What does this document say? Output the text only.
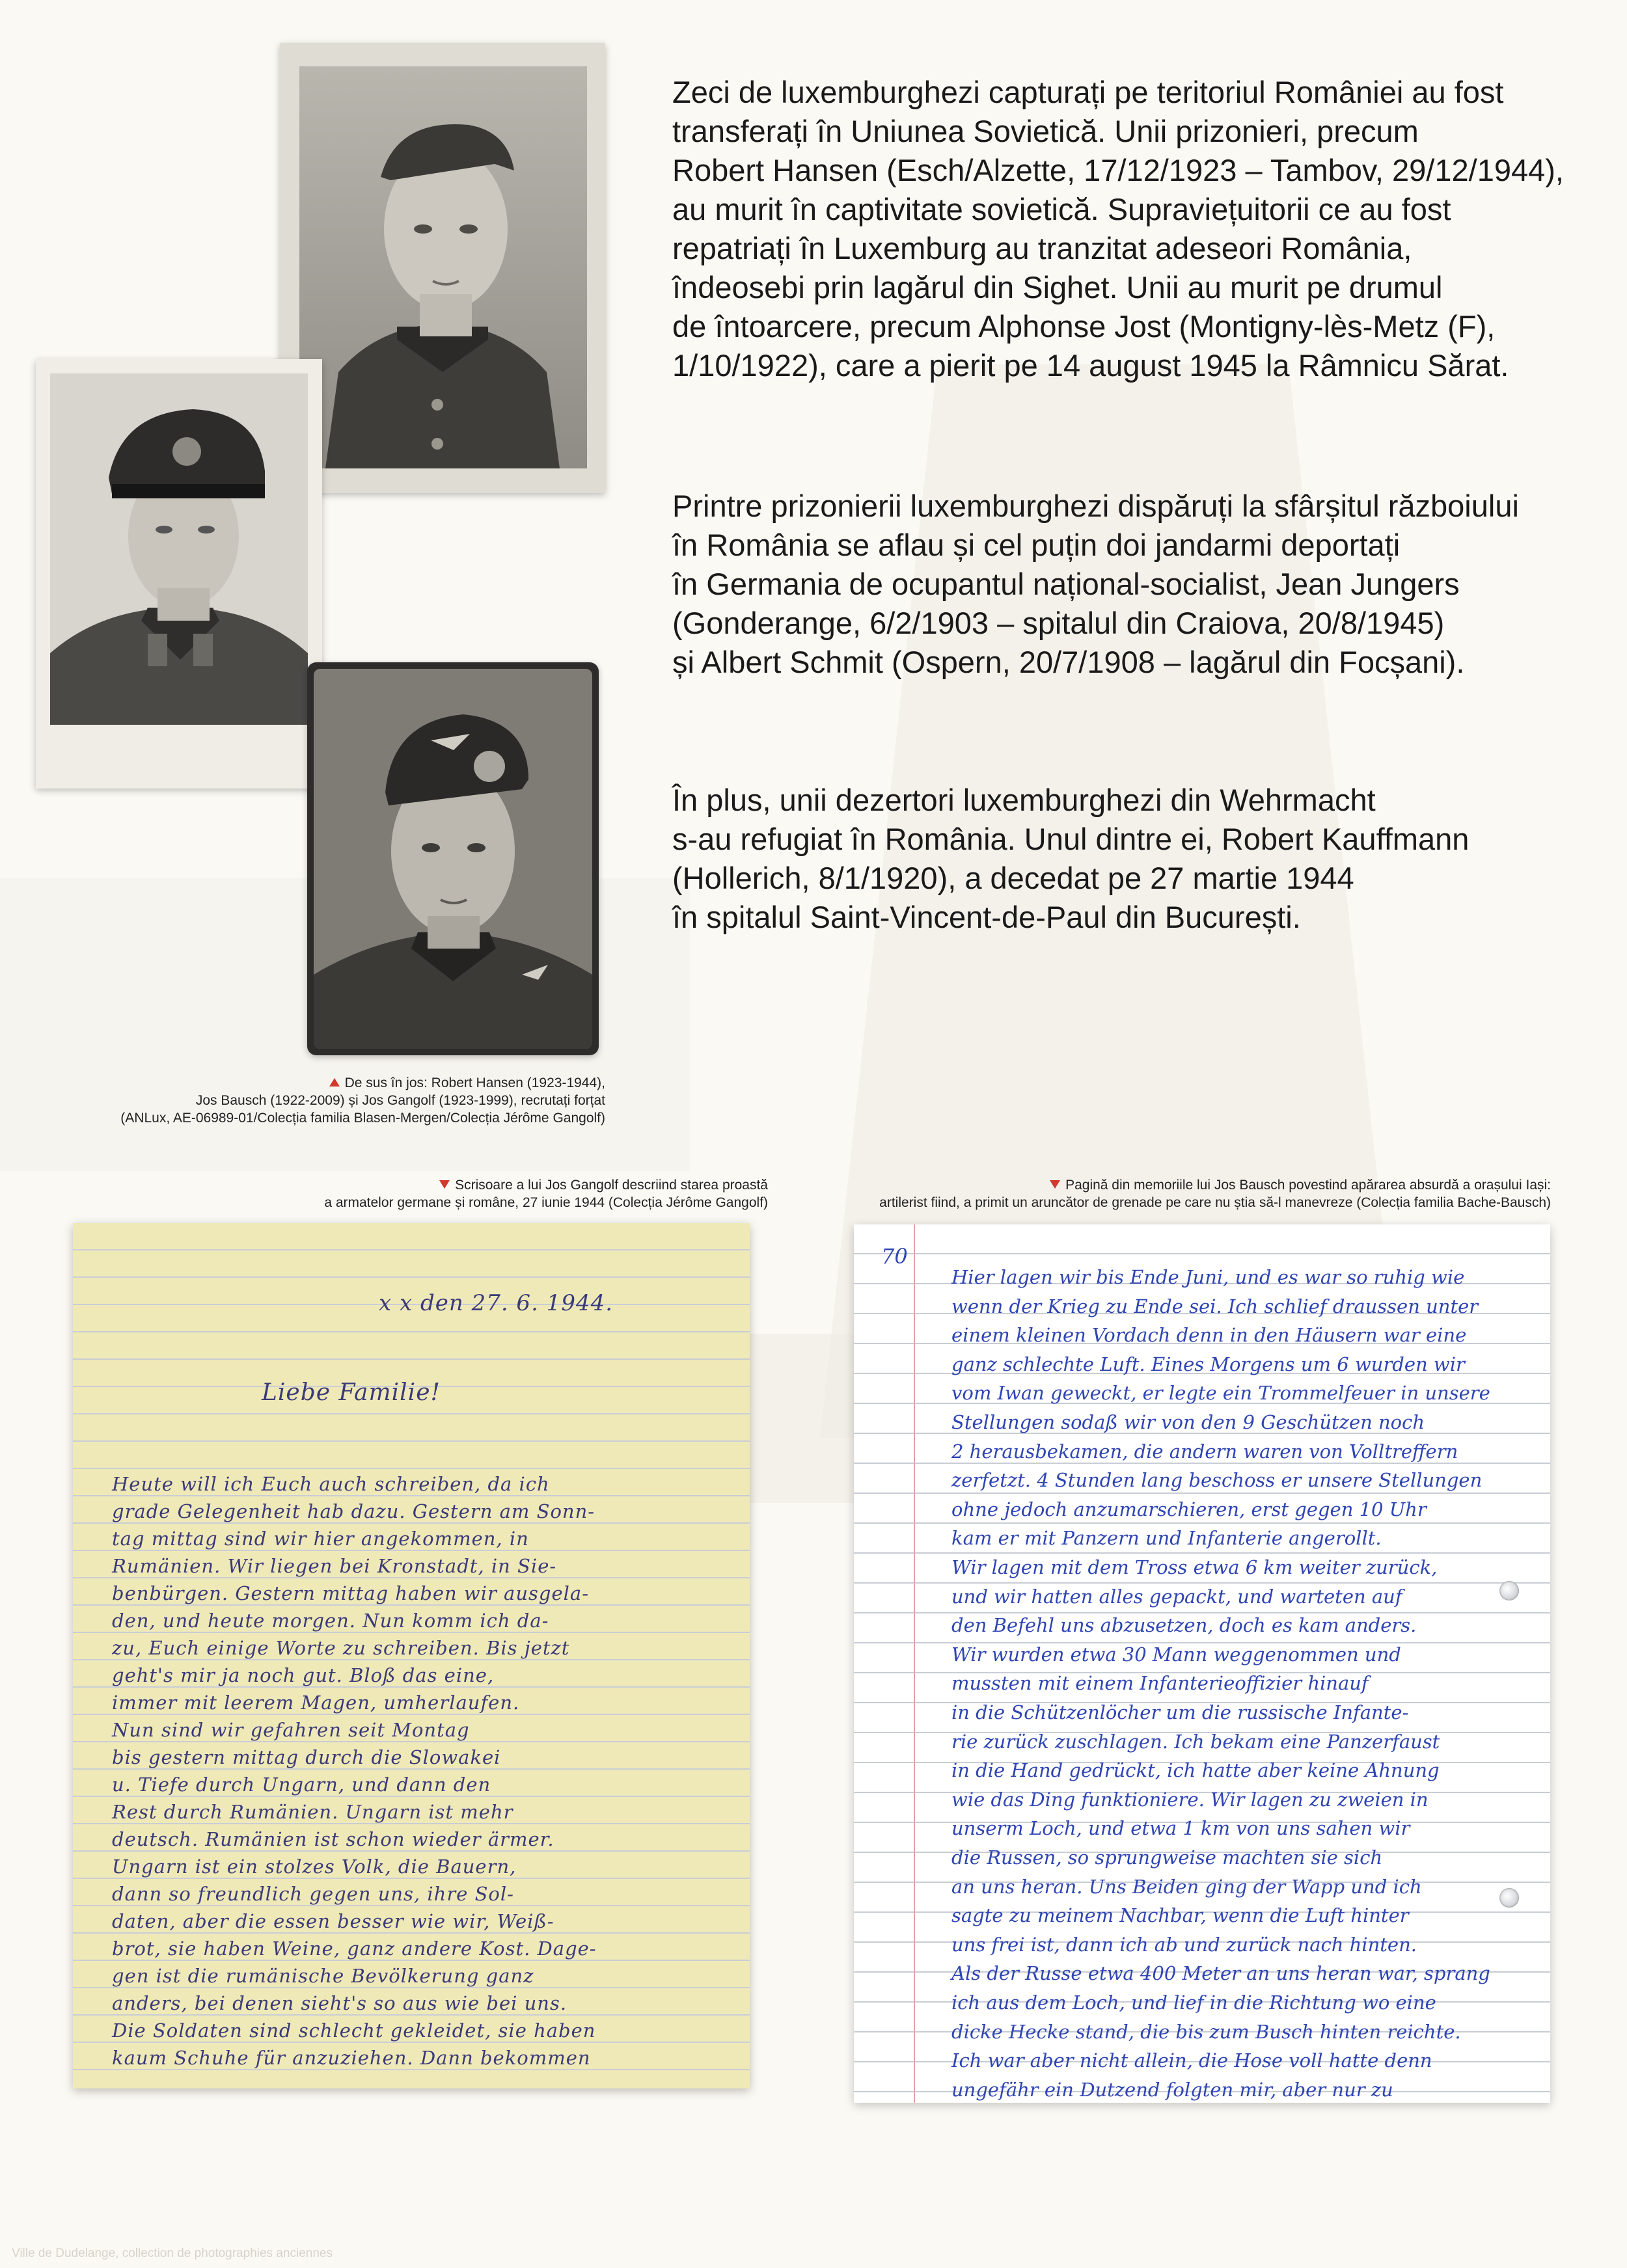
Zeci de luxemburghezi capturați pe teritoriul României au fost
transferați în Uniunea Sovietică. Unii prizonieri, precum
Robert Hansen (Esch/Alzette, 17/12/1923 – Tambov, 29/12/1944),
au murit în captivitate sovietică. Supraviețuitorii ce au fost
repatriați în Luxemburg au tranzitat adeseori România,
îndeosebi prin lagărul din Sighet. Unii au murit pe drumul
de întoarcere, precum Alphonse Jost (Montigny-lès-Metz (F),
1/10/1922), care a pierit pe 14 august 1945 la Râmnicu Sărat.

Printre prizonierii luxemburghezi dispăruți la sfârșitul războiului
în România se aflau și cel puțin doi jandarmi deportați
în Germania de ocupantul național-socialist, Jean Jungers
(Gonderange, 6/2/1903 – spitalul din Craiova, 20/8/1945)
și Albert Schmit (Ospern, 20/7/1908 – lagărul din Focșani).

În plus, unii dezertori luxemburghezi din Wehrmacht
s-au refugiat în România. Unul dintre ei, Robert Kauffmann
(Hollerich, 8/1/1920), a decedat pe 27 martie 1944
în spitalul Saint-Vincent-de-Paul din București.

De sus în jos: Robert Hansen (1923-1944),
Jos Bausch (1922-2009) și Jos Gangolf (1923-1999), recrutați forțat
(ANLux, AE-06989-01/Colecția familia Blasen-Mergen/Colecția Jérôme Gangolf)

Scrisoare a lui Jos Gangolf descriind starea proastă
a armatelor germane și române, 27 iunie 1944 (Colecția Jérôme Gangolf)

Pagină din memoriile lui Jos Bausch povestind apărarea absurdă a orașului Iași:
artilerist fiind, a primit un aruncător de grenade pe care nu știa să-l manevreze (Colecția familia Bache-Bausch)

x x den 27. 6. 1944.
Liebe Familie!
Heute will ich Euch auch schreiben, da ich
grade Gelegenheit hab dazu. Gestern am Sonn-
tag mittag sind wir hier angekommen, in
Rumänien. Wir liegen bei Kronstadt, in Sie-
benbürgen. Gestern mittag haben wir ausgela-
den, und heute morgen. Nun komm ich da-
zu, Euch einige Worte zu schreiben. Bis jetzt
geht's mir ja noch gut. Bloß das eine,
immer mit leerem Magen, umherlaufen.
Nun sind wir gefahren seit Montag
bis gestern mittag durch die Slowakei
u. Tiefe durch Ungarn, und dann den
Rest durch Rumänien. Ungarn ist mehr
deutsch. Rumänien ist schon wieder ärmer.
Ungarn ist ein stolzes Volk, die Bauern,
dann so freundlich gegen uns, ihre Sol-
daten, aber die essen besser wie wir, Weiß-
brot, sie haben Weine, ganz andere Kost. Dage-
gen ist die rumänische Bevölkerung ganz
anders, bei denen sieht's so aus wie bei uns.
Die Soldaten sind schlecht gekleidet, sie haben
kaum Schuhe für anzuziehen. Dann bekommen
70
Hier lagen wir bis Ende Juni, und es war so ruhig wie
wenn der Krieg zu Ende sei. Ich schlief draussen unter
einem kleinen Vordach denn in den Häusern war eine
ganz schlechte Luft. Eines Morgens um 6 wurden wir
vom Iwan geweckt, er legte ein Trommelfeuer in unsere
Stellungen sodaß wir von den 9 Geschützen noch
2 herausbekamen, die andern waren von Volltreffern
zerfetzt. 4 Stunden lang beschoss er unsere Stellungen
ohne jedoch anzumarschieren, erst gegen 10 Uhr
kam er mit Panzern und Infanterie angerollt.
Wir lagen mit dem Tross etwa 6 km weiter zurück,
und wir hatten alles gepackt, und warteten auf
den Befehl uns abzusetzen, doch es kam anders.
Wir wurden etwa 30 Mann weggenommen und
mussten mit einem Infanterieoffizier hinauf
in die Schützenlöcher um die russische Infante-
rie zurück zuschlagen. Ich bekam eine Panzerfaust
in die Hand gedrückt, ich hatte aber keine Ahnung
wie das Ding funktioniere. Wir lagen zu zweien in
unserm Loch, und etwa 1 km von uns sahen wir
die Russen, so sprungweise machten sie sich
an uns heran. Uns Beiden ging der Wapp und ich
sagte zu meinem Nachbar, wenn die Luft hinter
uns frei ist, dann ich ab und zurück nach hinten.
Als der Russe etwa 400 Meter an uns heran war, sprang
ich aus dem Loch, und lief in die Richtung wo eine
dicke Hecke stand, die bis zum Busch hinten reichte.
Ich war aber nicht allein, die Hose voll hatte denn
ungefähr ein Dutzend folgten mir, aber nur zu
Ville de Dudelange, collection de photographies anciennes
